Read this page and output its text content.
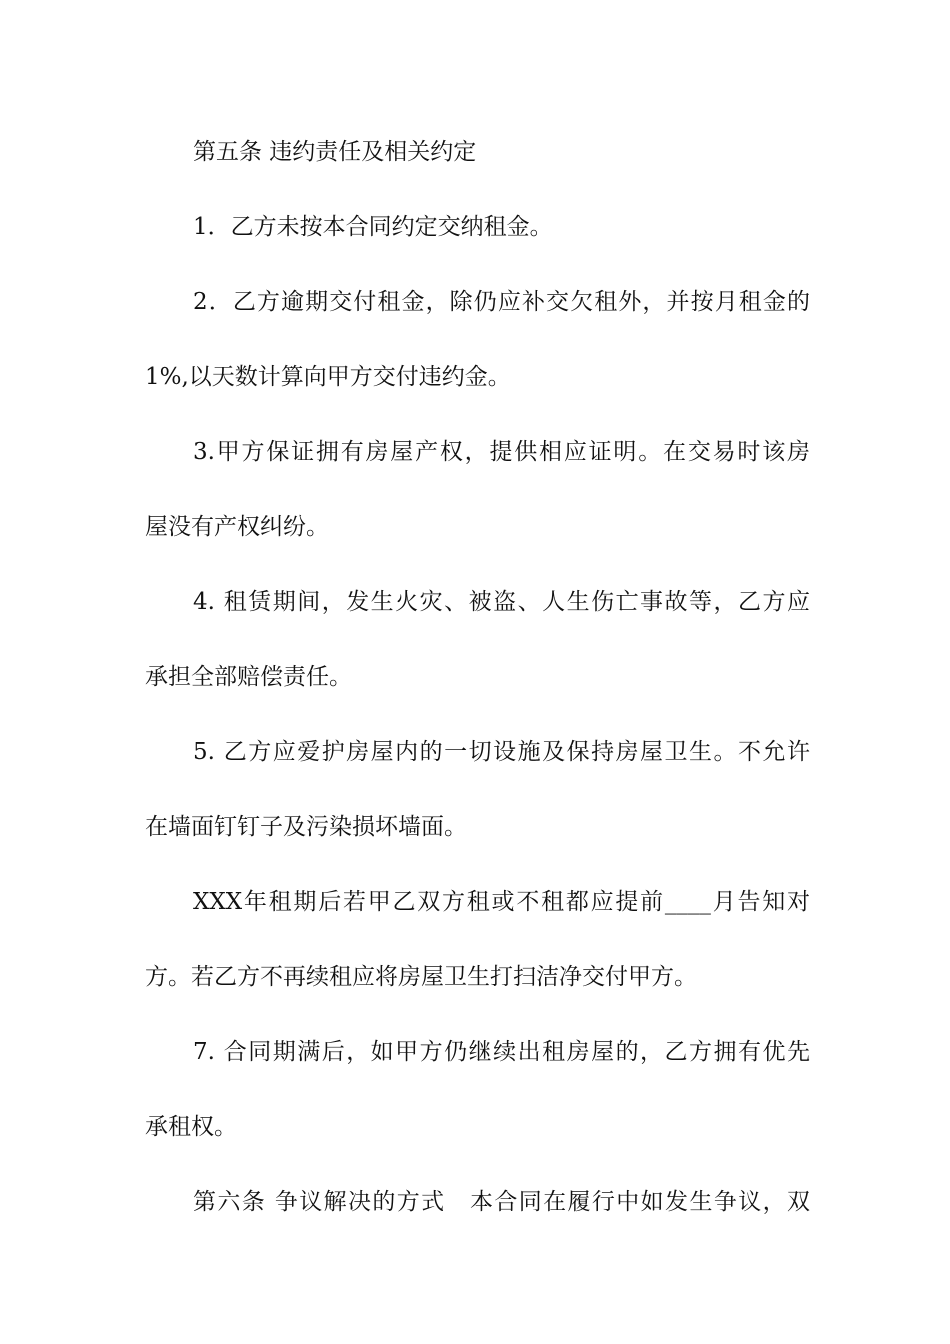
第五条 违约责任及相关约定
1．乙方未按本合同约定交纳租金。
2．乙方逾期交付租金，除仍应补交欠租外，并按月租金的
1%,以天数计算向甲方交付违约金。
3.甲方保证拥有房屋产权，提供相应证明。在交易时该房
屋没有产权纠纷。
4. 租赁期间，发生火灾、被盗、人生伤亡事故等，乙方应
承担全部赔偿责任。
5. 乙方应爱护房屋内的一切设施及保持房屋卫生。不允许
在墙面钉钉子及污染损坏墙面。
XXX年租期后若甲乙双方租或不租都应提前____月告知对
方。若乙方不再续租应将房屋卫生打扫洁净交付甲方。
7. 合同期满后，如甲方仍继续出租房屋的，乙方拥有优先
承租权。
第六条 争议解决的方式　本合同在履行中如发生争议，双
